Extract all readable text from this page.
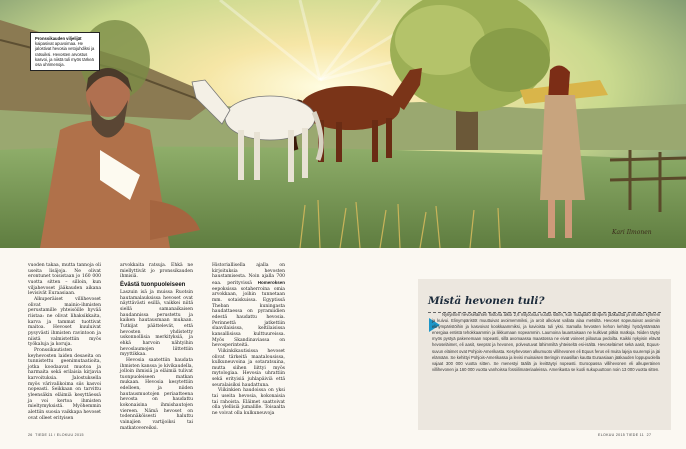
Pronssikauden viljelijät kaipasivat apuvoimaa. He jalostivat hevosia vetojuhdiksi ja ratsuiksi. Hevosten arvostus kasvoi, ja niistä tuli myös tärkeä osa uhrimenoja.
Kari Ilmonen

vuoden takaa, mutta tannoja oli useita lisäjoja. Ne olivat erontunet toisistaan jo 160 000 vuotta sitten – silloin, kun viljahevoset jääkauden aikana levisivät Euraasiaan.

Alkuperäiset villihevoset olivat mainio-ihmisten perustamille yhteisöille hyvää riistaa: ne olivat lihaksikkaita, karva ja tammat tuottivat maitoa. Hevoset kuuluivat pysyvästi ihmisten ravintoon ja niistä valmistettiin myös työkaluja ja koruja.

Pronssikautisten keyhevosten laiden desaeita on tunnistettu geenimutaatioita, jotka koodaavat muotoa ja harmaita sekä erilaisia kirjavia karvoituksia. Jalostuksella myös värivalikoima siis kasvoi nopeasti. Seikkaan on tarvittu yleensäkin eläimiä kesyttäessä ja voi kertoa ihmisten mieltymyksistä. Myöhemmin alettiin suosia vaikkapa hevoset ovat olleet erityisen

arvokkaita ratsuja. Ehkä ne miellyttivät jo pronssikauden ihmisiä.

Ėvästä tuonpuoleiseen

Laszuin isä ja muissa Ruotsin hautamalauksissa hevoset ovat näyttävästi esillä, vaikkei niitä siellä samanaikaisen haudannissa perustettu ja kaiken hautausmaan mukaan. Tutkijat päättelevät, että hevosten yhdistetty uskonnollisia merkityksiä, ja ehkä harvoin nähtyihin hevoslaumojen liittettiin myyttikkaa.

Hevosia saatettiin haudata ihmisten kanssa jo kivikaudella, jolloin ihmisiä ja eläimiä tulivat tuonpuoleiseen matkan mukaan. Hevosia kesytettiin edelleen, ja niiden hautausmuotojen periaatteena hevosta on haudattu kokonaisina ihmishautojen viereen. Nämä hevoset on todennäköisesti haluttu vainajien vartijoiksi tai matkatovereiksi.

Historiallisella ajalla on kirjoituksia hevosten haustamisesta. Noin ajalla 700 eaa. perityvissä Homeroksen eepoksissa sotaherroina omia arvokkaan, joihin tunnetaan mm. sotaiskuissa. Egyptissä Theban kuningasta haudattaessa on pyramiidien edestä haudattu hevosia. Perinnettä jatkettiin slaavilaisissa, keltilaisissa kansallisissa kulttuureissa. Myös Skandinaviassa on hevosperinteitä.

Viikinkikautisissa hevoset olivat tärkeitä maatalousissa, kulkuneuvoina ja sotaratsuina, mutta siihen liittyi myös mytologiaa. Hevosia uhrattiin sekä erityisiä juhlapäiviä että seuralaisiksi haudattuna.

Viikinkien haudoissa on yksi tai useita hevosia, kokonaisia tai rahoista. Eläimet saattoivat olla ylellisiä jumalille. Toisaalta ne voivat olla kulkuneuvoja

Mistä hevonen tuli?
Nykyisten hevoseläinten historia alkoi 2,6 miljoonaa vuotta sitten, kun maapallo lämpeni jääkautta ja ilmasto kylmeni ja kuivui. Elinympäristöt muuttuivat avoimemmiksi, ja aroit alkoivat vallata alaa metsiltä. Hevoset sopeutuivat avoimiin elinympäristöihin ja kasvoivat kookkaammiksi, ja kavioista tuli yksi. Samalla hevosten kehon kehittyi hyödyntämään energiaa entistä tehokkaammin ja liikkumaan nopeammin. Laumoina lauantaisaan ne kulkivat pitkiä matkoja. Niiden täytyi myös pystyä pakenemaan nopeasti, sillä avomaassa maastossa ne eivät voineet piiloutua pedoilta. Kaikki nykyisin elävät hevoseläimet, eli aasit, seeprat ja hevonen, polveutuvat lähimmiltä yhteiseltä esi-isältä. Hevoseläimet sekä aasit, Equus-suvun eläimet ovat Pohjois-Amerikasta. Kesyhevosen alkumuoto villihevonen eli Equus ferus eli muita lajeja suurempi ja jäi elämään. Se kehittyi Pohjois-Amerikassa ja levisi muinaisen Beringin maasillan kautta Euraasiaan jääkauden loppupuolella vajaat 300 000 vuotta sitten. Se menestyi täällä ja levittäytyi nopeasti. Euroopassa villihevonen eli alkuperäinen villihevonen ja 160 000 vuotta vanhoissa fossiilimateriaaleissa. Amerikasta se kuoli sukupuuttoon noin 13 000 vuotta sitten.
26 TIEDE 11 / ELOKUU 2015	ELOKUU 2015 TIEDE 11 27
